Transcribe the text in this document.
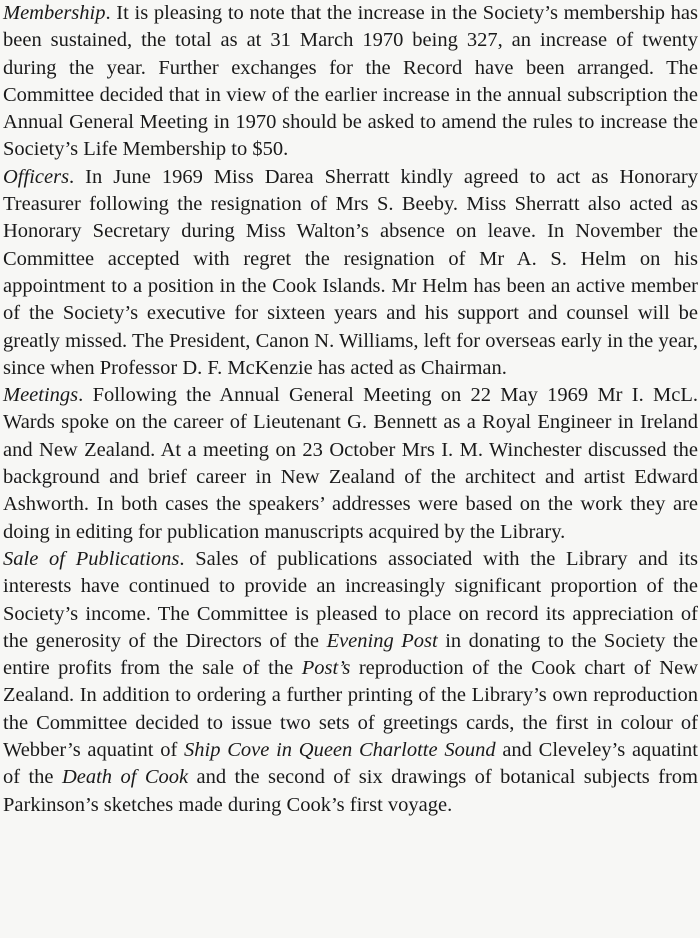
Membership. It is pleasing to note that the increase in the Society’s membership has been sustained, the total as at 31 March 1970 being 327, an increase of twenty during the year. Further exchanges for the Record have been arranged. The Committee decided that in view of the earlier increase in the annual subscription the Annual General Meeting in 1970 should be asked to amend the rules to increase the Society’s Life Membership to $50.

Officers. In June 1969 Miss Darea Sherratt kindly agreed to act as Honorary Treasurer following the resignation of Mrs S. Beeby. Miss Sherratt also acted as Honorary Secretary during Miss Walton’s absence on leave. In November the Committee accepted with regret the resignation of Mr A. S. Helm on his appointment to a position in the Cook Islands. Mr Helm has been an active member of the Society’s executive for sixteen years and his support and counsel will be greatly missed. The President, Canon N. Williams, left for overseas early in the year, since when Professor D. F. McKenzie has acted as Chairman.

Meetings. Following the Annual General Meeting on 22 May 1969 Mr I. McL. Wards spoke on the career of Lieutenant G. Bennett as a Royal Engineer in Ireland and New Zealand. At a meeting on 23 October Mrs I. M. Winchester discussed the background and brief career in New Zealand of the architect and artist Edward Ashworth. In both cases the speakers’ addresses were based on the work they are doing in editing for publication manuscripts acquired by the Library.

Sale of Publications. Sales of publications associated with the Library and its interests have continued to provide an increasingly significant proportion of the Society’s income. The Committee is pleased to place on record its appreciation of the generosity of the Directors of the Evening Post in donating to the Society the entire profits from the sale of the Post’s reproduction of the Cook chart of New Zealand. In addition to ordering a further printing of the Library’s own reproduction the Committee decided to issue two sets of greetings cards, the first in colour of Webber’s aquatint of Ship Cove in Queen Charlotte Sound and Cleveley’s aquatint of the Death of Cook and the second of six drawings of botanical subjects from Parkinson’s sketches made during Cook’s first voyage.
